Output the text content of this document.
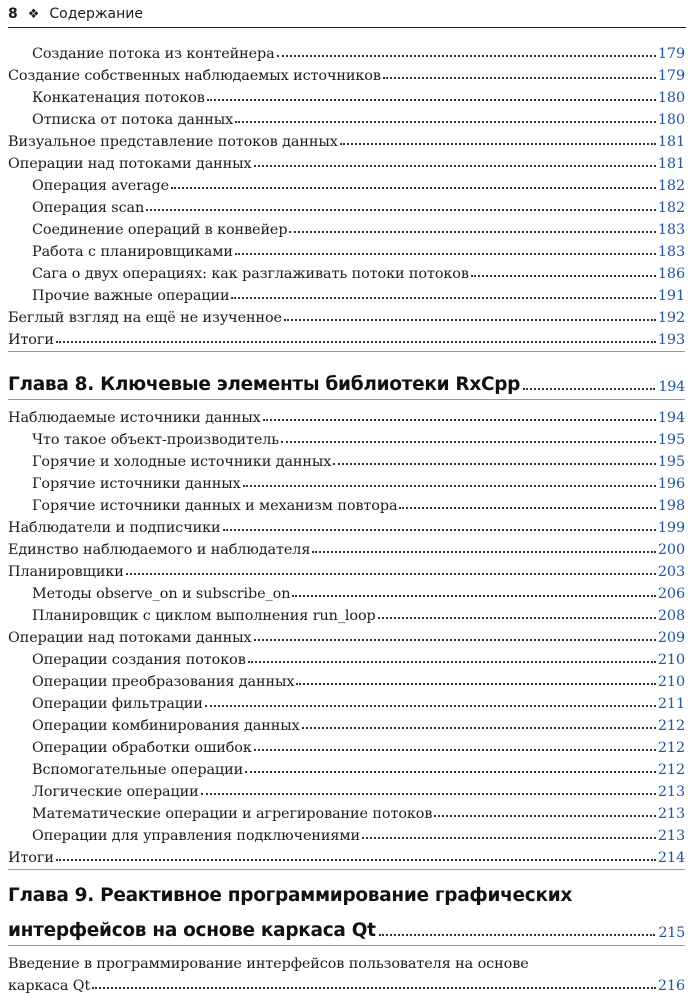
8 ❖ Содержание
Создание потока из контейнера	179
Создание собственных наблюдаемых источников	179
Конкатенация потоков	180
Отписка от потока данных	180
Визуальное представление потоков данных	181
Операции над потоками данных	181
Операция average	182
Операция scan	182
Соединение операций в конвейер	183
Работа с планировщиками	183
Сага о двух операциях: как разглаживать потоки потоков	186
Прочие важные операции	191
Беглый взгляд на ещё не изученное	192
Итоги	193
Глава 8. Ключевые элементы библиотеки RxCpp	194
Наблюдаемые источники данных	194
Что такое объект-производитель	195
Горячие и холодные источники данных	195
Горячие источники данных	196
Горячие источники данных и механизм повтора	198
Наблюдатели и подписчики	199
Единство наблюдаемого и наблюдателя	200
Планировщики	203
Методы observe_on и subscribe_on	206
Планировщик с циклом выполнения run_loop	208
Операции над потоками данных	209
Операции создания потоков	210
Операции преобразования данных	210
Операции фильтрации	211
Операции комбинирования данных	212
Операции обработки ошибок	212
Вспомогательные операции	212
Логические операции	213
Математические операции и агрегирование потоков	213
Операции для управления подключениями	213
Итоги	214
Глава 9. Реактивное программирование графических
интерфейсов на основе каркаса Qt	215
Введение в программирование интерфейсов пользователя на основе
каркаса Qt	216
